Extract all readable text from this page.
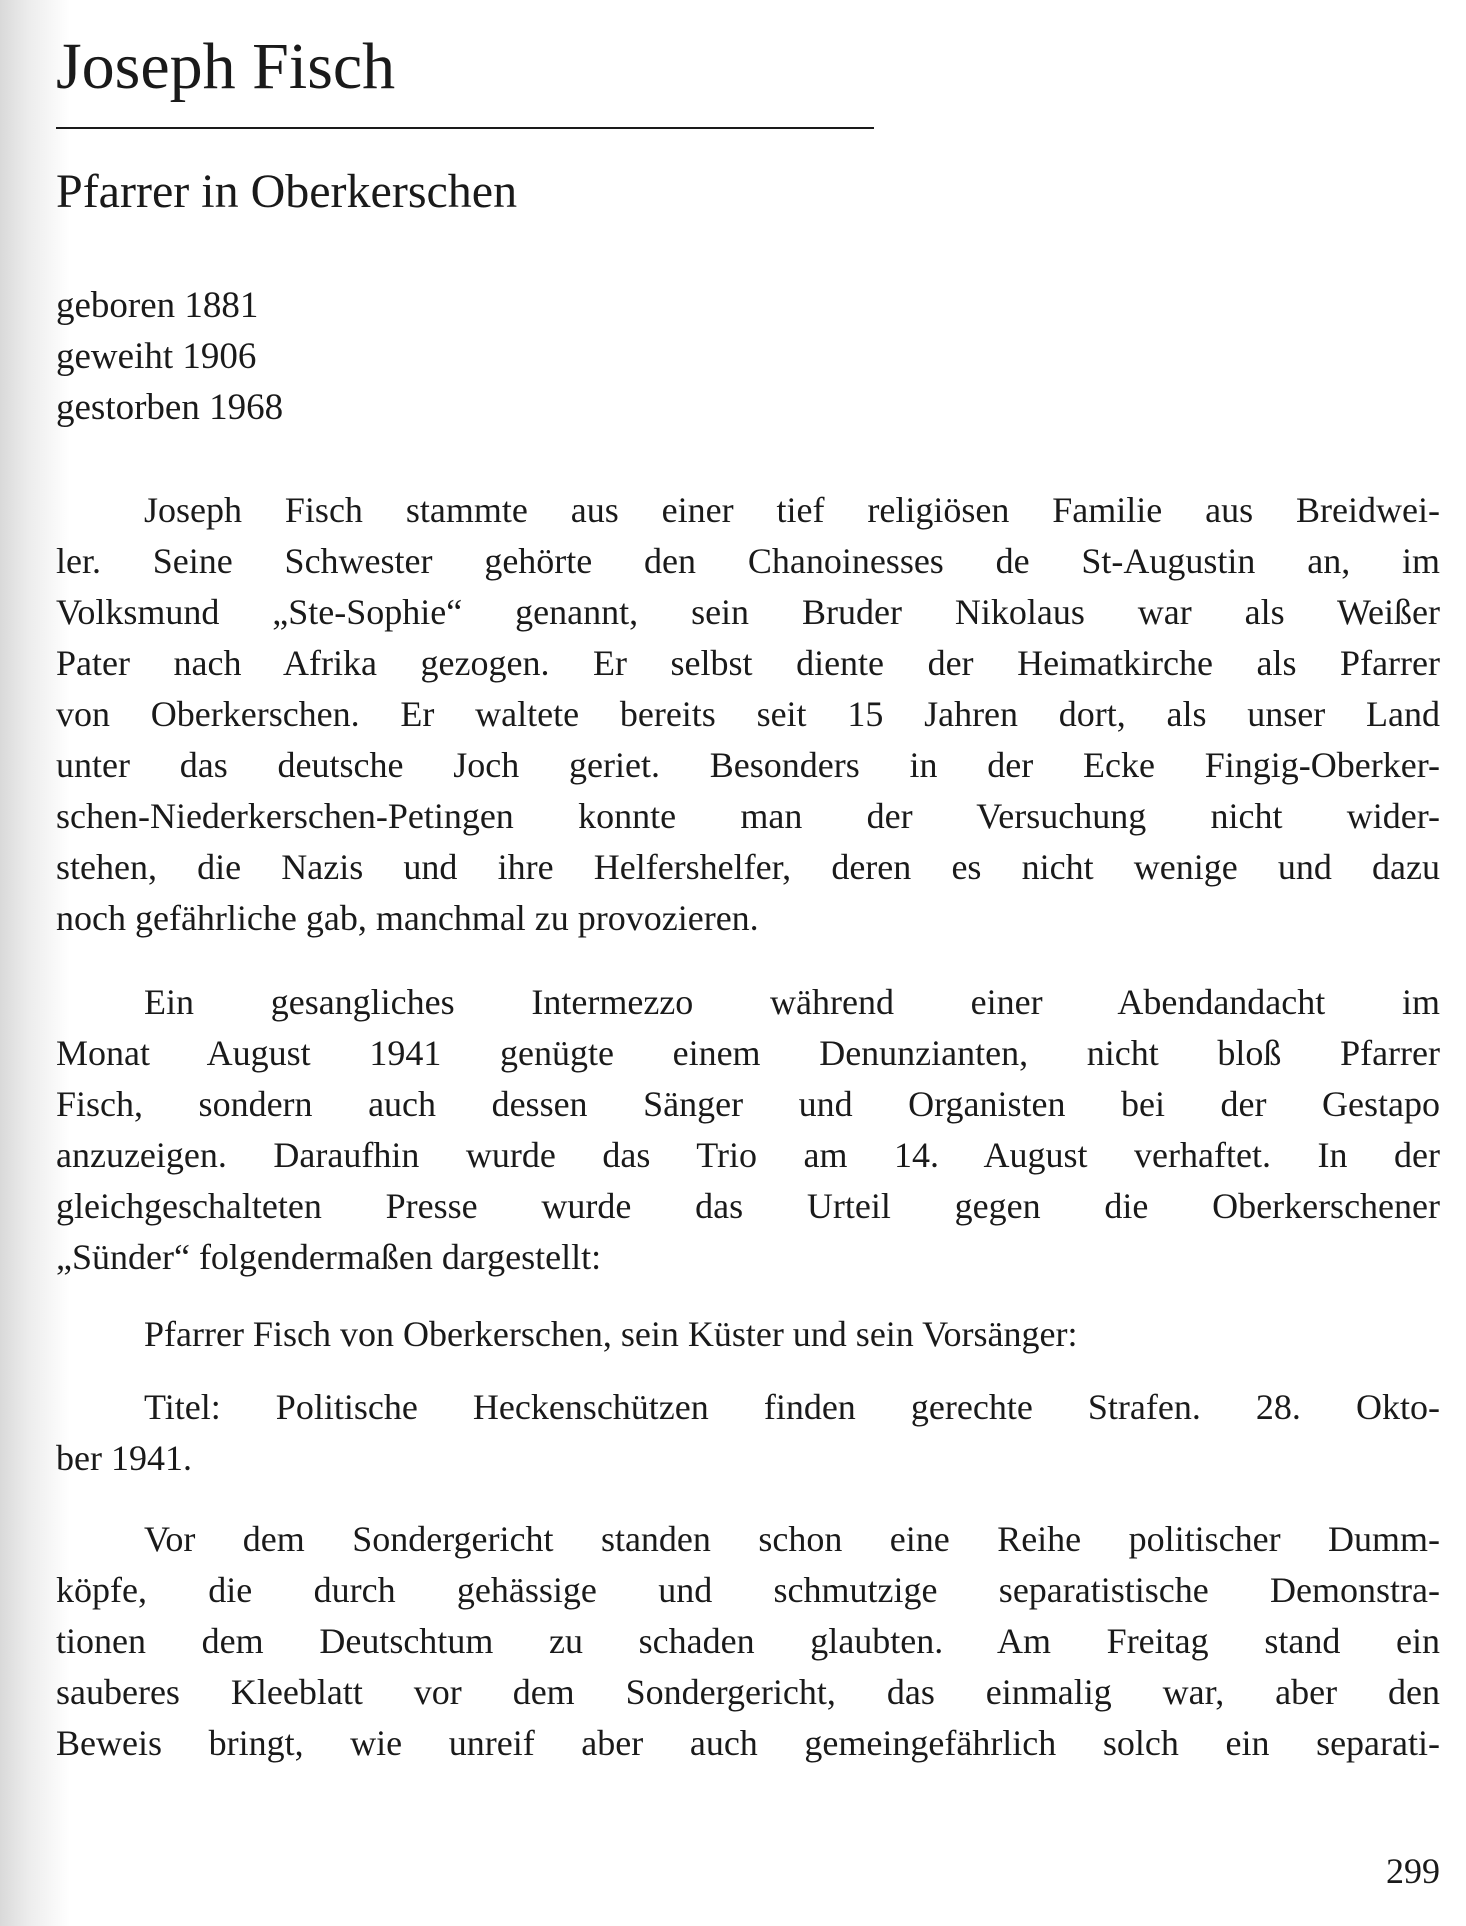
Joseph Fisch
Pfarrer in Oberkerschen
geboren 1881
geweiht 1906
gestorben 1968
Joseph Fisch stammte aus einer tief religiösen Familie aus Breidwei-
ler. Seine Schwester gehörte den Chanoinesses de St-Augustin an, im
Volksmund „Ste-Sophie“ genannt, sein Bruder Nikolaus war als Weißer
Pater nach Afrika gezogen. Er selbst diente der Heimatkirche als Pfarrer
von Oberkerschen. Er waltete bereits seit 15 Jahren dort, als unser Land
unter das deutsche Joch geriet. Besonders in der Ecke Fingig-Oberker-
schen-Niederkerschen-Petingen konnte man der Versuchung nicht wider-
stehen, die Nazis und ihre Helfershelfer, deren es nicht wenige und dazu
noch gefährliche gab, manchmal zu provozieren.
Ein gesangliches Intermezzo während einer Abendandacht im
Monat August 1941 genügte einem Denunzianten, nicht bloß Pfarrer
Fisch, sondern auch dessen Sänger und Organisten bei der Gestapo
anzuzeigen. Daraufhin wurde das Trio am 14. August verhaftet. In der
gleichgeschalteten Presse wurde das Urteil gegen die Oberkerschener
„Sünder“ folgendermaßen dargestellt:
Pfarrer Fisch von Oberkerschen, sein Küster und sein Vorsänger:
Titel: Politische Heckenschützen finden gerechte Strafen. 28. Okto-
ber 1941.
Vor dem Sondergericht standen schon eine Reihe politischer Dumm-
köpfe, die durch gehässige und schmutzige separatistische Demonstra-
tionen dem Deutschtum zu schaden glaubten. Am Freitag stand ein
sauberes Kleeblatt vor dem Sondergericht, das einmalig war, aber den
Beweis bringt, wie unreif aber auch gemeingefährlich solch ein separati-
299
